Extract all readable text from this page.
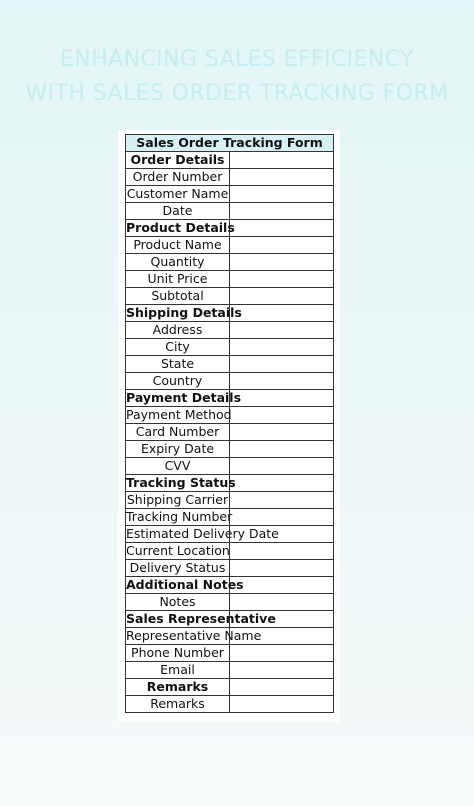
ENHANCING SALES EFFICIENCY
WITH SALES ORDER TRACKING FORM
Sales Order Tracking Form	
Order Details	
Order Number	
Customer Name	
Date	
Product Details	
Product Name	
Quantity	
Unit Price	
Subtotal	
Shipping Details	
Address	
City	
State	
Country	
Payment Details	
Payment Method	
Card Number	
Expiry Date	
CVV	
Tracking Status	
Shipping Carrier	
Tracking Number	
Estimated Delivery Date	
Current Location	
Delivery Status	
Additional Notes	
Notes	
Sales Representative	
Representative Name	
Phone Number	
Email	
Remarks	
Remarks	
